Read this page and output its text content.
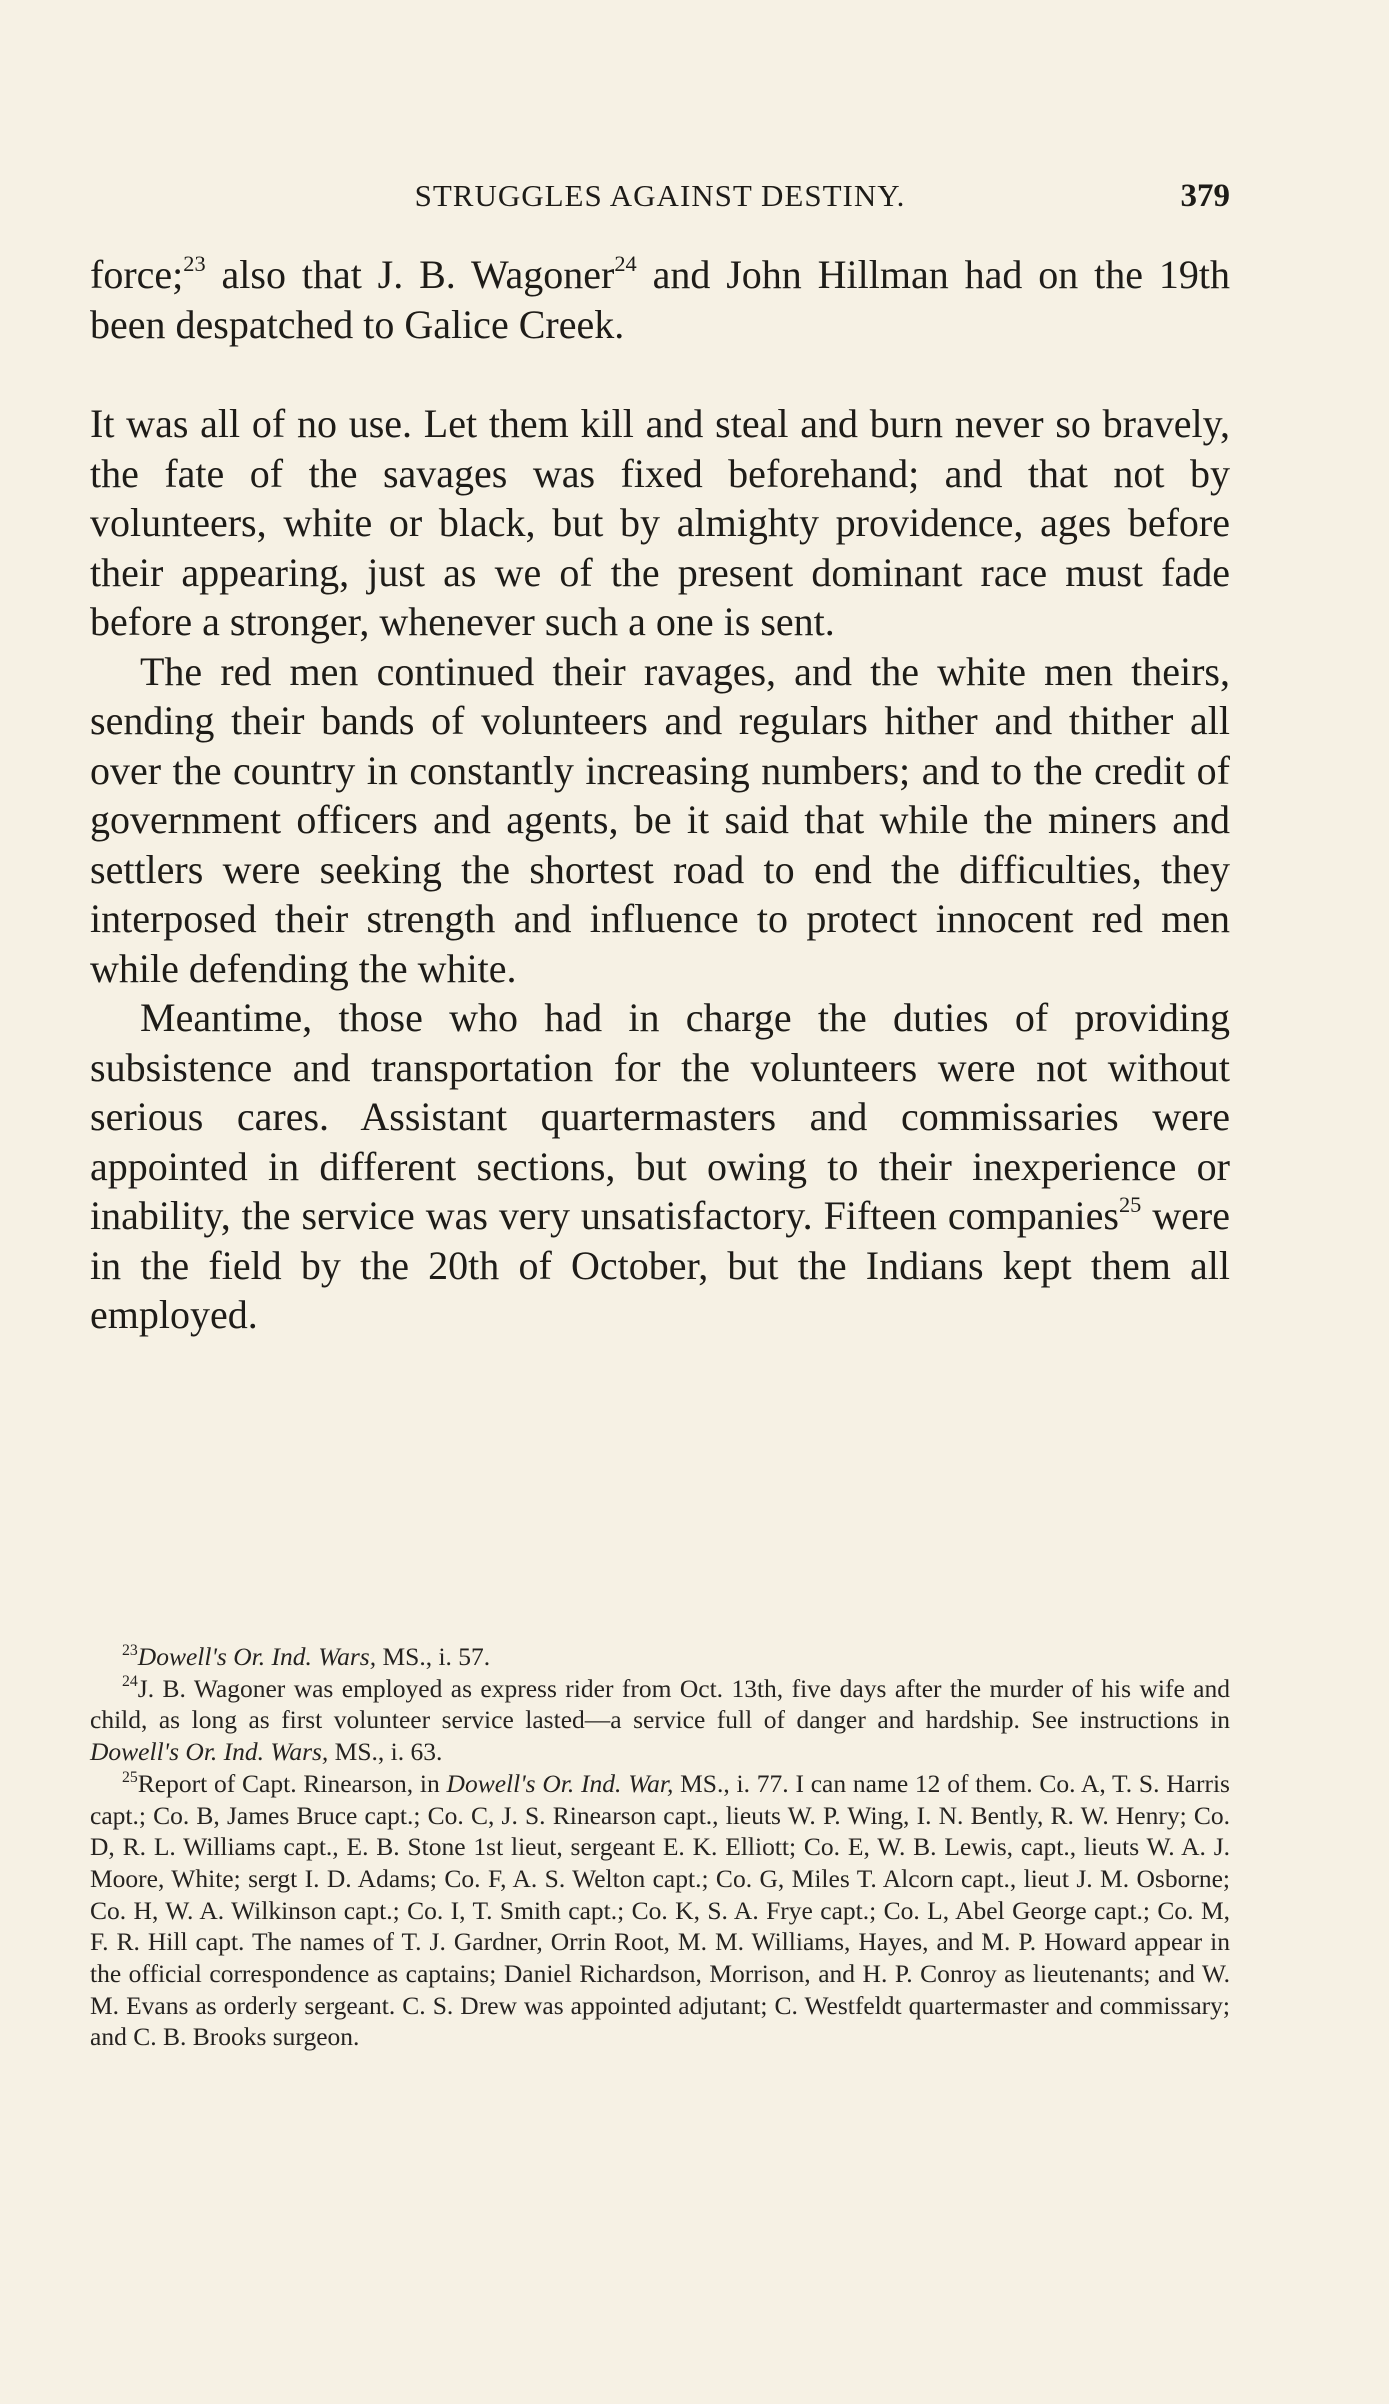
STRUGGLES AGAINST DESTINY.	379

force;$^{23}$ also that J. B. Wagoner$^{24}$ and John Hillman had on the 19th been despatched to Galice Creek.

It was all of no use. Let them kill and steal and burn never so bravely, the fate of the savages was fixed beforehand; and that not by volunteers, white or black, but by almighty providence, ages before their appearing, just as we of the present dominant race must fade before a stronger, whenever such a one is sent.

The red men continued their ravages, and the white men theirs, sending their bands of volunteers and regulars hither and thither all over the country in constantly increasing numbers; and to the credit of government officers and agents, be it said that while the miners and settlers were seeking the shortest road to end the difficulties, they interposed their strength and influence to protect innocent red men while defending the white.

Meantime, those who had in charge the duties of providing subsistence and transportation for the volunteers were not without serious cares. Assistant quartermasters and commissaries were appointed in different sections, but owing to their inexperience or inability, the service was very unsatisfactory. Fifteen companies$^{25}$ were in the field by the 20th of October, but the Indians kept them all employed.

$^{23}$Dowell's Or. Ind. Wars, MS., i. 57.

$^{24}$J. B. Wagoner was employed as express rider from Oct. 13th, five days after the murder of his wife and child, as long as first volunteer service lasted—a service full of danger and hardship. See instructions in Dowell's Or. Ind. Wars, MS., i. 63.

$^{25}$Report of Capt. Rinearson, in Dowell's Or. Ind. War, MS., i. 77. I can name 12 of them. Co. A, T. S. Harris capt.; Co. B, James Bruce capt.; Co. C, J. S. Rinearson capt., lieuts W. P. Wing, I. N. Bently, R. W. Henry; Co. D, R. L. Williams capt., E. B. Stone 1st lieut, sergeant E. K. Elliott; Co. E, W. B. Lewis, capt., lieuts W. A. J. Moore, White; sergt I. D. Adams; Co. F, A. S. Welton capt.; Co. G, Miles T. Alcorn capt., lieut J. M. Osborne; Co. H, W. A. Wilkinson capt.; Co. I, T. Smith capt.; Co. K, S. A. Frye capt.; Co. L, Abel George capt.; Co. M, F. R. Hill capt. The names of T. J. Gardner, Orrin Root, M. M. Williams, Hayes, and M. P. Howard appear in the official correspondence as captains; Daniel Richardson, Morrison, and H. P. Conroy as lieutenants; and W. M. Evans as orderly sergeant. C. S. Drew was appointed adjutant; C. Westfeldt quartermaster and commissary; and C. B. Brooks surgeon.
